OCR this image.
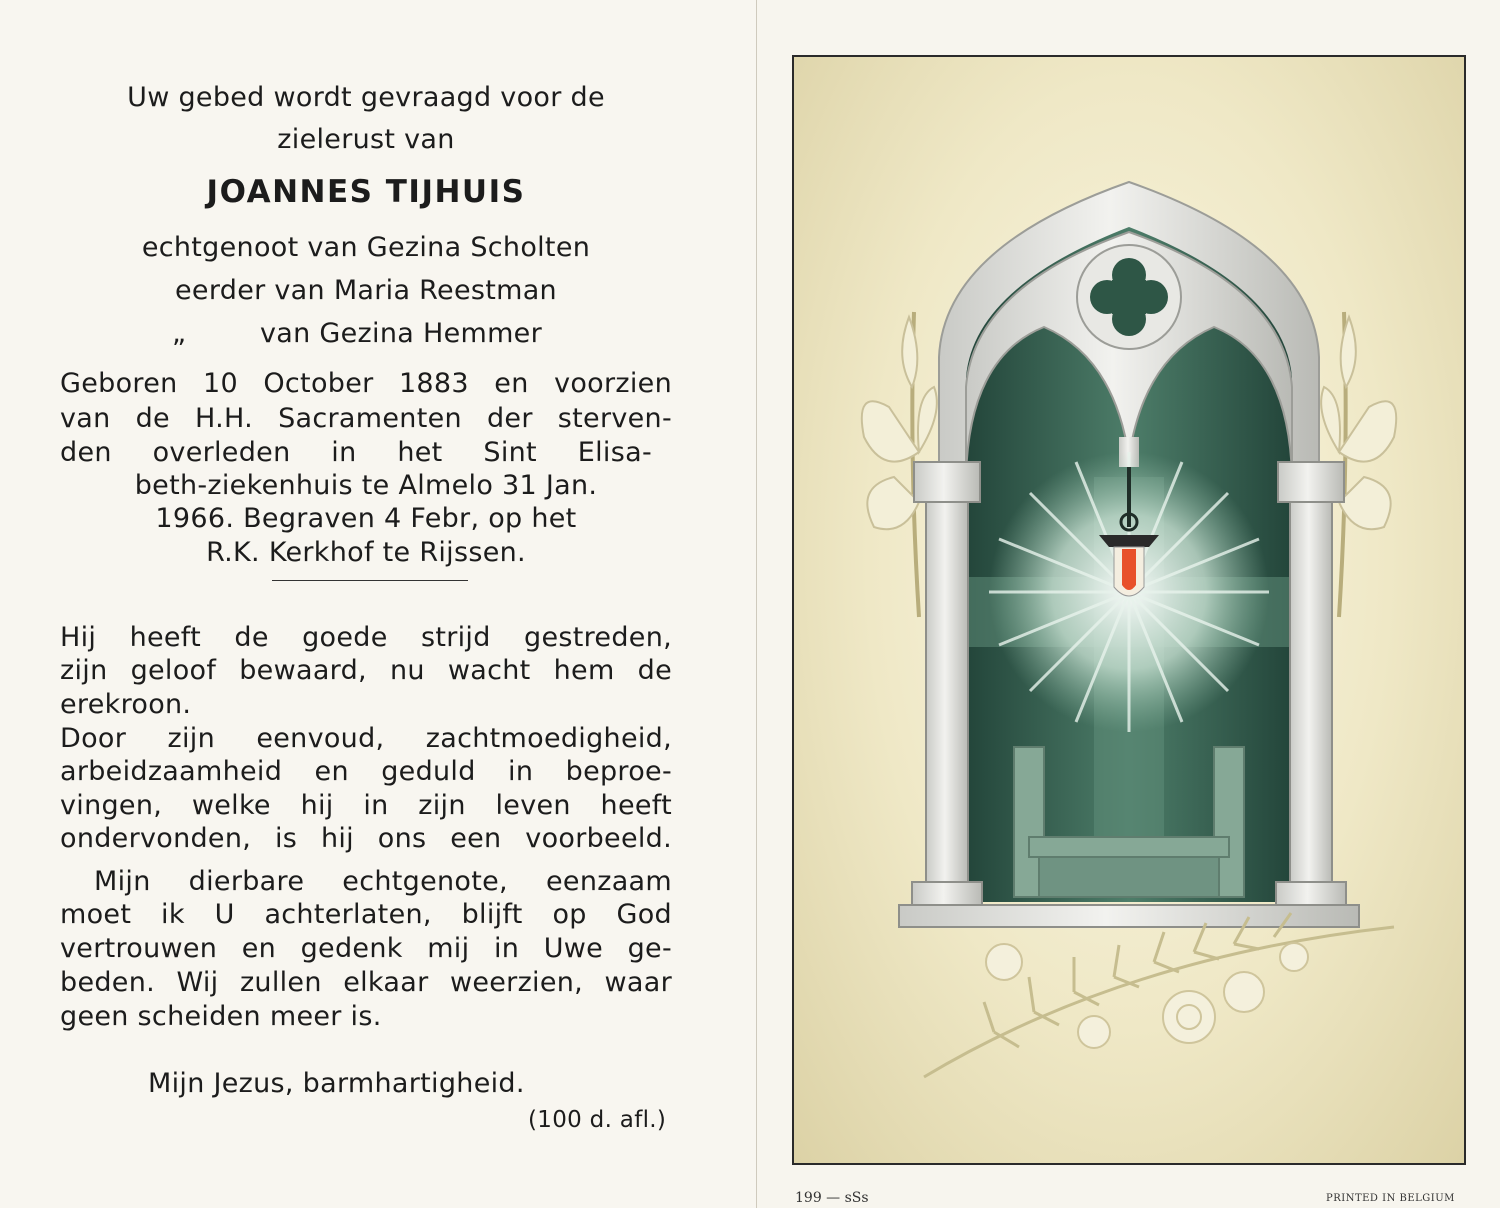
Uw gebed wordt gevraagd voor de
zielerust van
JOANNES TIJHUIS
echtgenoot van Gezina Scholten
eerder van Maria Reestman
„	van Gezina Hemmer
Geboren 10 October 1883 en voorzien
van de H.H. Sacramenten der sterven-
den overleden in het Sint Elisa-
beth-ziekenhuis te Almelo 31 Jan.
1966. Begraven 4 Febr, op het
R.K. Kerkhof te Rijssen.
Hij heeft de goede strijd gestreden,
zijn geloof bewaard, nu wacht hem de
erekroon.
Door zijn eenvoud, zachtmoedigheid,
arbeidzaamheid en geduld in beproe-
vingen, welke hij in zijn leven heeft
ondervonden, is hij ons een voorbeeld.
Mijn dierbare echtgenote, eenzaam
moet ik U achterlaten, blijft op God
vertrouwen en gedenk mij in Uwe ge-
beden. Wij zullen elkaar weerzien, waar
geen scheiden meer is.
Mijn Jezus, barmhartigheid.
(100 d. afl.)
199 — sSs	PRINTED IN BELGIUM
